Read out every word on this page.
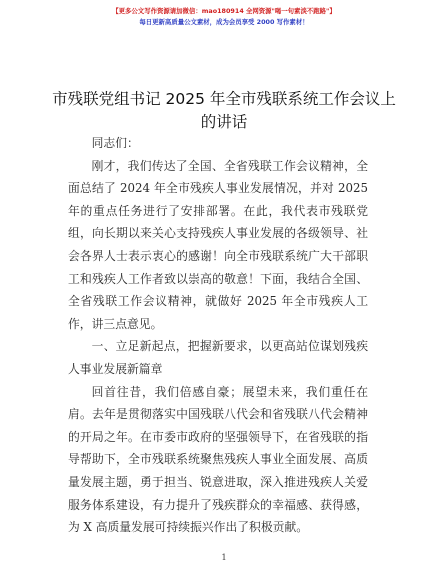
【更多公文写作资源请加微信：mao180914 全网资源"喝一句素淡不跑路"】
每日更新高质量公文素材，成为会员享受 2000 写作素材！
市残联党组书记 2025 年全市残联系统工作会议上的讲话

同志们：

刚才，我们传达了全国、全省残联工作会议精神，全面总结了 2024 年全市残疾人事业发展情况，并对 2025 年的重点任务进行了安排部署。在此，我代表市残联党组，向长期以来关心支持残疾人事业发展的各级领导、社会各界人士表示衷心的感谢！向全市残联系统广大干部职工和残疾人工作者致以崇高的敬意！下面，我结合全国、全省残联工作会议精神，就做好 2025 年全市残疾人工作，讲三点意见。

一、立足新起点，把握新要求，以更高站位谋划残疾人事业发展新篇章

回首往昔，我们倍感自豪；展望未来，我们重任在肩。去年是贯彻落实中国残联八代会和省残联八代会精神的开局之年。在市委市政府的坚强领导下，在省残联的指导帮助下，全市残联系统聚焦残疾人事业全面发展、高质量发展主题，勇于担当、锐意进取，深入推进残疾人关爱服务体系建设，有力提升了残疾群众的幸福感、获得感，为 X 高质量发展可持续振兴作出了积极贡献。

1
